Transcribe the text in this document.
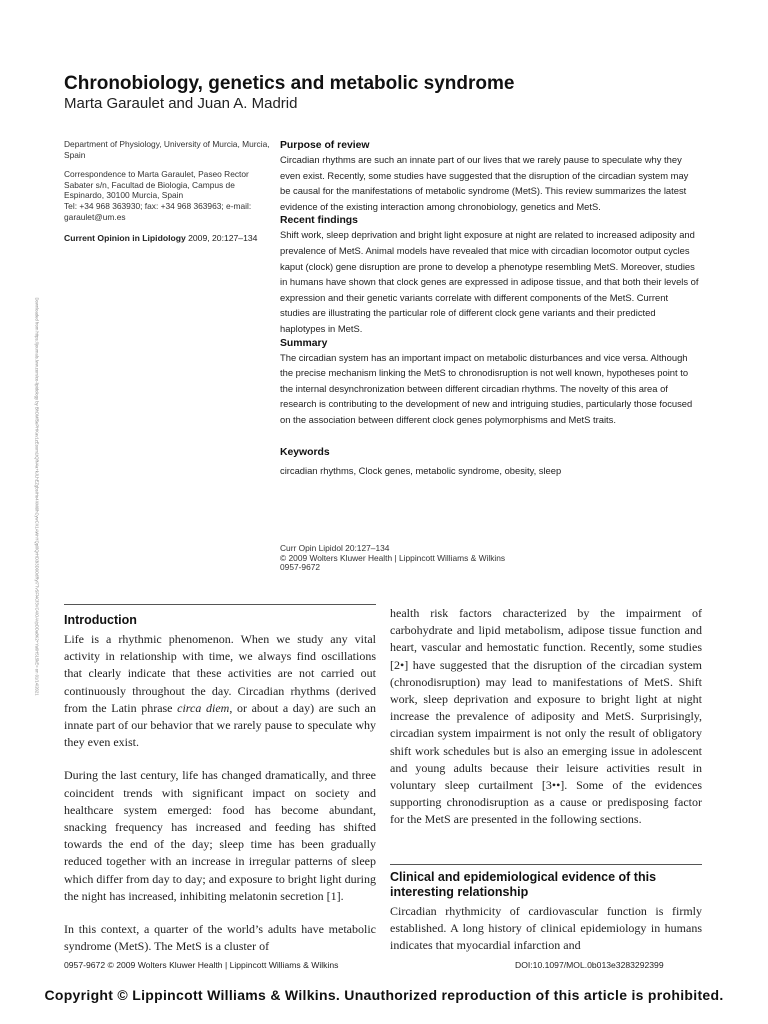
Chronobiology, genetics and metabolic syndrome
Marta Garaulet and Juan A. Madrid

Department of Physiology, University of Murcia, Murcia, Spain

Correspondence to Marta Garaulet, Paseo Rector Sabater s/n, Facultad de Biologia, Campus de Espinardo, 30100 Murcia, Spain

Tel: +34 968 363930; fax: +34 968 363963; e-mail: garaulet@um.es

Current Opinion in Lipidology 2009, 20:127–134
Purpose of review

Circadian rhythms are such an innate part of our lives that we rarely pause to speculate why they even exist. Recently, some studies have suggested that the disruption of the circadian system may be causal for the manifestations of metabolic syndrome (MetS). This review summarizes the latest evidence of the existing interaction among chronobiology, genetics and MetS.

Recent findings

Shift work, sleep deprivation and bright light exposure at night are related to increased adiposity and prevalence of MetS. Animal models have revealed that mice with circadian locomotor output cycles kaput (clock) gene disruption are prone to develop a phenotype resembling MetS. Moreover, studies in humans have shown that clock genes are expressed in adipose tissue, and that both their levels of expression and their genetic variants correlate with different components of the MetS. Current studies are illustrating the particular role of different clock gene variants and their predicted haplotypes in MetS.

Summary

The circadian system has an important impact on metabolic disturbances and vice versa. Although the precise mechanism linking the MetS to chronodisruption is not well known, hypotheses point to the internal desynchronization between different circadian rhythms. The novelty of this area of research is contributing to the development of new and intriguing studies, particularly those focused on the association between different clock genes polymorphisms and MetS traits.

Keywords

circadian rhythms, Clock genes, metabolic syndrome, obesity, sleep

Curr Opin Lipidol 20:127–134
© 2009 Wolters Kluwer Health | Lippincott Williams & Wilkins
0957-9672
Downloaded from https://journals.lww.com/co-lipidology by BhDMf5ePHKav1zEoum1tQfN4a+kJLhEZgbsIHo4XMi0hCywCX1AWnYQp/IlQrHD3i3D0OdRyi7TvSFl4Cf3VC4/OAVpDDa8K2+Ya6H515kE= on 01/14/2021 Introduction

Life is a rhythmic phenomenon. When we study any vital activity in relationship with time, we always find oscillations that clearly indicate that these activities are not carried out continuously throughout the day. Circadian rhythms (derived from the Latin phrase circa diem, or about a day) are such an innate part of our behavior that we rarely pause to speculate why they even exist.

During the last century, life has changed dramatically, and three coincident trends with significant impact on society and healthcare system emerged: food has become abundant, snacking frequency has increased and feeding has shifted towards the end of the day; sleep time has been gradually reduced together with an increase in irregular patterns of sleep which differ from day to day; and exposure to bright light during the night has increased, inhibiting melatonin secretion [1].

In this context, a quarter of the world’s adults have metabolic syndrome (MetS). The MetS is a cluster of

health risk factors characterized by the impairment of carbohydrate and lipid metabolism, adipose tissue function and heart, vascular and hemostatic function. Recently, some studies [2•] have suggested that the disruption of the circadian system (chronodisruption) may lead to manifestations of MetS. Shift work, sleep deprivation and exposure to bright light at night increase the prevalence of adiposity and MetS. Surprisingly, circadian system impairment is not only the result of obligatory shift work schedules but is also an emerging issue in adolescent and young adults because their leisure activities result in voluntary sleep curtailment [3••]. Some of the evidences supporting chronodisruption as a cause or predisposing factor for the MetS are presented in the following sections.

Clinical and epidemiological evidence of this interesting relationship
Circadian rhythmicity of cardiovascular function is firmly established. A long history of clinical epidemiology in humans indicates that myocardial infarction and
0957-9672 © 2009 Wolters Kluwer Health | Lippincott Williams & Wilkins	DOI:10.1097/MOL.0b013e3283292399
Copyright © Lippincott Williams & Wilkins. Unauthorized reproduction of this article is prohibited.
